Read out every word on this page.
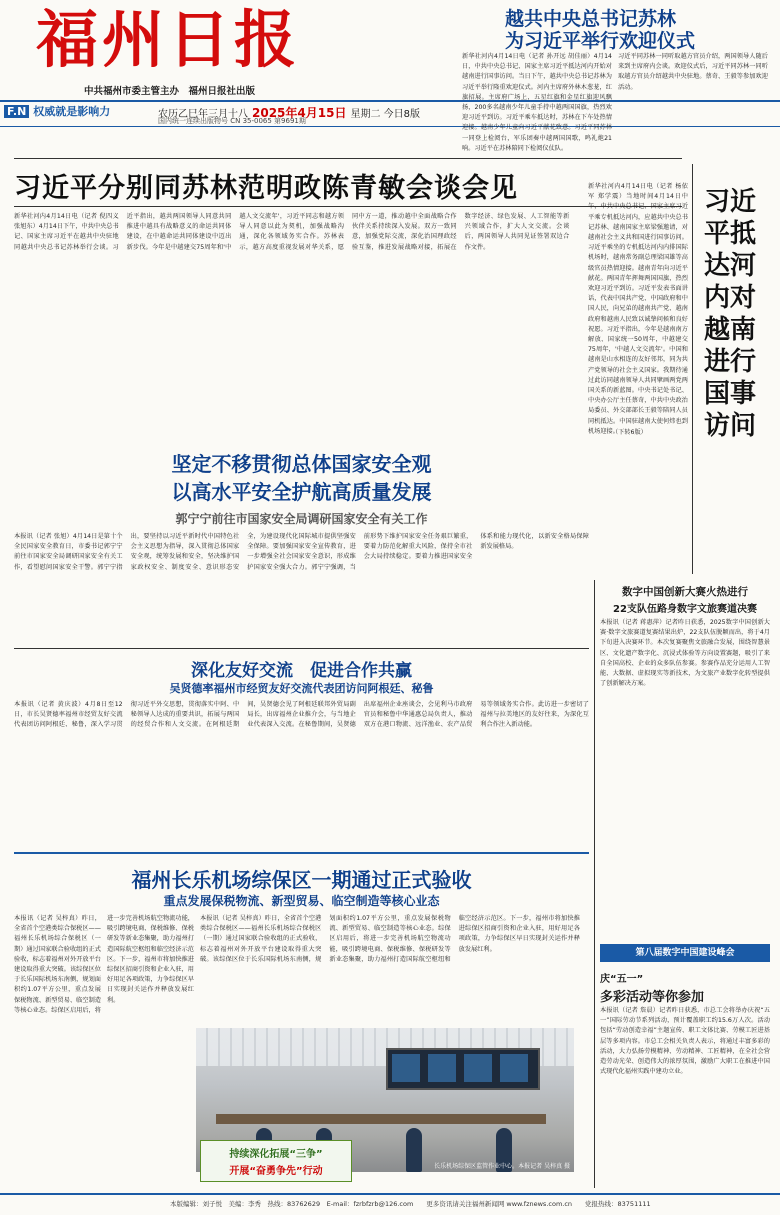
福州日报
中共福州市委主管主办　福州日报社出版
F.N 权威就是影响力	农历乙巳年三月十八 2025年4月15日 星期二 今日8版
国内统一连续出版物号 CN 35-0065 第9691期
越共中央总书记苏林
为习近平举行欢迎仪式
新华社河内4月14日电（记者 孙开远 胡佳丽）4月14日，中共中央总书记、国家主席习近平抵达河内开始对越南进行国事访问。当日下午，越共中央总书记苏林为习近平举行隆重欢迎仪式。河内主席府外林木葱茏，红旗招展。主席府广场上，五星红旗和金星红旗迎风飘扬，200多名越南少年儿童手持中越两国国旗，热烈欢迎习近平到访。习近平乘车抵达时，苏林在下车处热情迎接。越南少年儿童向习近平献花致意。习近平同苏林一同登上检阅台，军乐团奏中越两国国歌，鸣礼炮21响。习近平在苏林陪同下检阅仪仗队。
习近平同苏林一同听取越方官员介绍，两国领导人随后来到主席府内会谈。欢迎仪式后，习近平同苏林一同听取越方官员介绍越共中央驻地。蔡奇、王毅等参加欢迎活动。
习近平分别同苏林范明政陈青敏会谈会见
新华社河内4月14日电（记者 倪四义 张旭东）4月14日下午，中共中央总书记、国家主席习近平在越共中央驻地同越共中央总书记苏林举行会谈。习近平指出，越共两国领导人同意共同推进中越具有战略意义的命运共同体建设，在中越命运共同体建设中迈出新步伐。今年是中越建交75周年和'中越人文交流年'，习近平同志和越方领导人同意以此为契机，加强战略沟通，深化各领域务实合作。苏林表示，越方高度重视发展对华关系，愿同中方一道，推动越中全面战略合作伙伴关系持续深入发展。双方一致同意，加强党际交流，深化治国理政经验互鉴，推进发展战略对接，拓展在数字经济、绿色发展、人工智能等新兴领域合作，扩大人文交流。会谈后，两国领导人共同见证签署双边合作文件。
（下转6版）
习近平抵达河内对越南进行国事访问
新华社河内4月14日电（记者 杨依军 郑学震）当地时间4月14日中午，中共中央总书记、国家主席习近平乘专机抵达河内，应越共中央总书记苏林、越南国家主席梁强邀请，对越南社会主义共和国进行国事访问。习近平乘坐的专机抵达河内内排国际机场时，越南常务副总理梁国雄等高级官员热情迎接。越南青年向习近平献花。两国青年挥舞两国国旗，热烈欢迎习近平到访。习近平发表书面讲话，代表中国共产党、中国政府和中国人民，向兄弟的越南共产党、越南政府和越南人民致以诚挚问候和良好祝愿。习近平指出，今年是越南南方解放、国家统一50周年，中越建交75周年，'中越人文交流年'。中国和越南是山水相连的友好邻邦，同为共产党领导的社会主义国家。我期待通过此访同越南领导人共同擘画两党两国关系的新蓝图。中央书记处书记、中央办公厅主任蔡奇，中共中央政治局委员、外交部部长王毅等陪同人员同机抵达。中国驻越南大使何炜也到机场迎接。
坚定不移贯彻总体国家安全观
以高水平安全护航高质量发展
郭宁宁前往市国家安全局调研国家安全有关工作
本报讯（记者 张旭）4月14日是第十个全民国家安全教育日，市委书记郭宁宁前往市国家安全局调研国家安全有关工作，看望慰问国家安全干警。郭宁宁指出，要坚持以习近平新时代中国特色社会主义思想为指导，深入贯彻总体国家安全观，统筹发展和安全，坚决维护国家政权安全、制度安全、意识形态安全，为建设现代化国际城市提供坚强安全保障。要加强国家安全宣传教育，进一步增强全社会国家安全意识，形成维护国家安全强大合力。郭宁宁强调，当前形势下维护国家安全任务艰巨繁重，要着力防范化解重大风险，保持全市社会大局持续稳定。要着力推进国家安全体系和能力现代化，以新安全格局保障新发展格局。
深化友好交流　促进合作共赢
吴贤德率福州市经贸友好交流代表团访问阿根廷、秘鲁
本报讯（记者 黄庆波）4月8日至12日，市长吴贤德率福州市经贸友好交流代表团访问阿根廷、秘鲁，深入学习贯彻习近平外交思想，贯彻落实中阿、中秘领导人达成的重要共识，拓展与两国的经贸合作和人文交流。在阿根廷期间，吴贤德会见了阿根廷联邦外贸局副局长，出席福州企业推介会，与当地企业代表深入交流。在秘鲁期间，吴贤德出席福州企业座谈会，会见利马市政府官员和秘鲁中华通惠总局负责人，推动双方在港口物流、远洋渔业、农产品贸易等领域务实合作。此访进一步密切了福州与拉美地区的友好往来，为深化互利合作注入新动能。
福州长乐机场综保区一期通过正式验收
重点发展保税物流、新型贸易、临空制造等核心业态
本报讯（记者 吴梓真）昨日，全省首个空港类综合保税区——福州长乐机场综合保税区（一期）通过国家联合验收组的正式验收，标志着福州对外开放平台建设取得重大突破。该综保区位于长乐国际机场东南侧，规划面积约1.07平方公里，重点发展保税物流、新型贸易、临空制造等核心业态。综保区启用后，将进一步完善机场航空物流功能，吸引跨境电商、保税维修、保税研发等新业态集聚，助力福州打造国际航空枢纽和临空经济示范区。下一步，福州市将加快推进综保区招商引资和企业入驻，用好用足各项政策，力争综保区早日实现封关运作并释放发展红利。
本报讯（记者 吴梓真）昨日，全省首个空港类综合保税区——福州长乐机场综合保税区（一期）通过国家联合验收组的正式验收，标志着福州对外开放平台建设取得重大突破。该综保区位于长乐国际机场东南侧，规划面积约1.07平方公里，重点发展保税物流、新型贸易、临空制造等核心业态。综保区启用后，将进一步完善机场航空物流功能，吸引跨境电商、保税维修、保税研发等新业态集聚，助力福州打造国际航空枢纽和临空经济示范区。下一步，福州市将加快推进综保区招商引资和企业入驻，用好用足各项政策，力争综保区早日实现封关运作并释放发展红利。
长乐机场综保区监管作业中心。本报记者 吴梓真 摄
持续深化拓展“三争”
开展“奋勇争先”行动
数字中国创新大赛火热进行
22支队伍路身数字文旅赛道决赛
本报讯（记者 蒋惠萍）记者昨日获悉，2025数字中国创新大赛·数字文旅赛道复赛结果出炉，22支队伍脱颖而出，将于4月下旬进入决赛环节。本次复赛聚焦文旅融合发展，围绕智慧景区、文化遗产数字化、沉浸式体验等方向设置赛题，吸引了来自全国高校、企业的众多队伍参赛。参赛作品充分运用人工智能、大数据、虚拟现实等新技术，为文旅产业数字化转型提供了创新解决方案。
第八届数字中国建设峰会
庆“五一”
多彩活动等你参加
本报讯（记者 詹晨）记者昨日获悉，市总工会将举办庆祝“五一”国际劳动节系列活动，预计覆盖职工约15.6万人次。活动包括“劳动创造幸福”主题宣传、职工文体比赛、劳模工匠进基层等多项内容。市总工会相关负责人表示，将通过丰富多彩的活动，大力弘扬劳模精神、劳动精神、工匠精神，在全社会营造劳动光荣、创造伟大的浓厚氛围，激励广大职工在推进中国式现代化福州实践中建功立业。
本版编辑：刘子悦　美编：李秀　热线：83762629　E-mail：fzrbfzrb@126.com　　更多资讯请关注福州新闻网 www.fznews.com.cn　　党报热线：83751111
